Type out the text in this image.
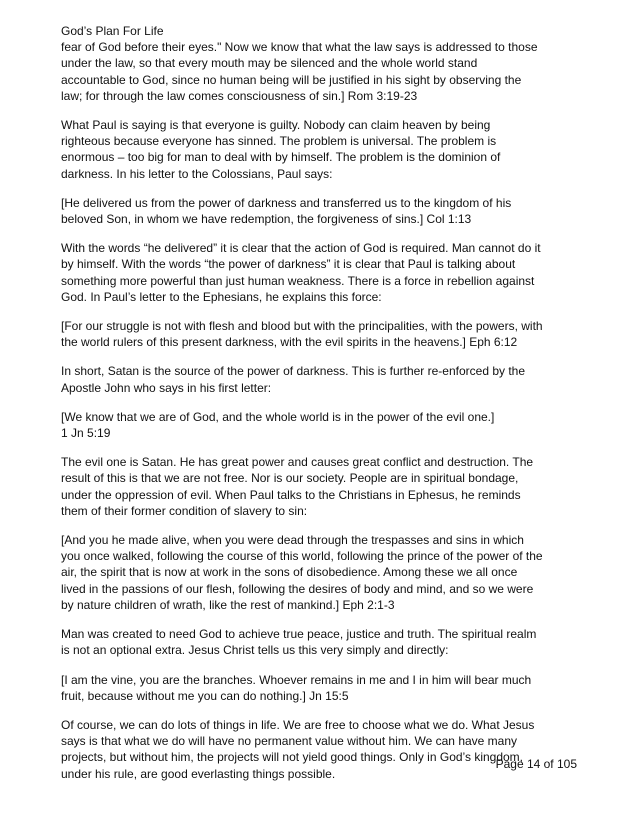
God’s Plan For Life

fear of God before their eyes." Now we know that what the law says is addressed to those
under the law, so that every mouth may be silenced and the whole world stand
accountable to God, since no human being will be justified in his sight by observing the
law; for through the law comes consciousness of sin.] Rom 3:19-23

What Paul is saying is that everyone is guilty. Nobody can claim heaven by being
righteous because everyone has sinned. The problem is universal. The problem is
enormous – too big for man to deal with by himself. The problem is the dominion of
darkness. In his letter to the Colossians, Paul says:

[He delivered us from the power of darkness and transferred us to the kingdom of his
beloved Son, in whom we have redemption, the forgiveness of sins.] Col 1:13

With the words “he delivered” it is clear that the action of God is required. Man cannot do it
by himself. With the words “the power of darkness” it is clear that Paul is talking about
something more powerful than just human weakness. There is a force in rebellion against
God. In Paul’s letter to the Ephesians, he explains this force:

[For our struggle is not with flesh and blood but with the principalities, with the powers, with
the world rulers of this present darkness, with the evil spirits in the heavens.] Eph 6:12

In short, Satan is the source of the power of darkness. This is further re-enforced by the
Apostle John who says in his first letter:

[We know that we are of God, and the whole world is in the power of the evil one.]
1 Jn 5:19

The evil one is Satan. He has great power and causes great conflict and destruction. The
result of this is that we are not free. Nor is our society. People are in spiritual bondage,
under the oppression of evil. When Paul talks to the Christians in Ephesus, he reminds
them of their former condition of slavery to sin:

[And you he made alive, when you were dead through the trespasses and sins in which
you once walked, following the course of this world, following the prince of the power of the
air, the spirit that is now at work in the sons of disobedience. Among these we all once
lived in the passions of our flesh, following the desires of body and mind, and so we were
by nature children of wrath, like the rest of mankind.] Eph 2:1-3

Man was created to need God to achieve true peace, justice and truth. The spiritual realm
is not an optional extra. Jesus Christ tells us this very simply and directly:

[I am the vine, you are the branches. Whoever remains in me and I in him will bear much
fruit, because without me you can do nothing.] Jn 15:5

Of course, we can do lots of things in life. We are free to choose what we do. What Jesus
says is that what we do will have no permanent value without him. We can have many
projects, but without him, the projects will not yield good things. Only in God’s kingdom,
under his rule, are good everlasting things possible.

Page 14 of 105
